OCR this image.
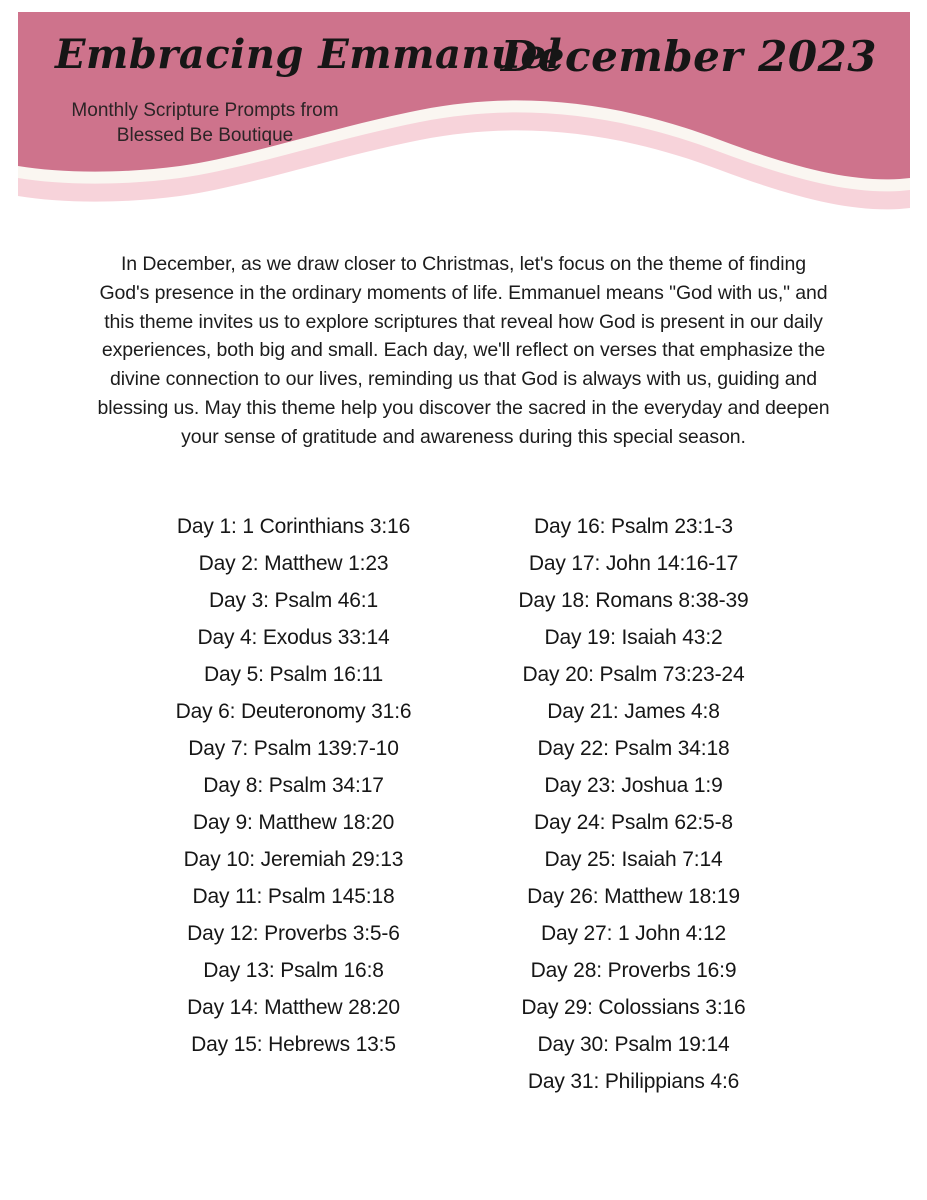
Embracing Emmanuel
December 2023
Monthly Scripture Prompts from
Blessed Be Boutique
In December, as we draw closer to Christmas, let's focus on the theme of finding God's presence in the ordinary moments of life. Emmanuel means "God with us," and this theme invites us to explore scriptures that reveal how God is present in our daily experiences, both big and small. Each day, we'll reflect on verses that emphasize the divine connection to our lives, reminding us that God is always with us, guiding and blessing us. May this theme help you discover the sacred in the everyday and deepen your sense of gratitude and awareness during this special season.
Day 1: 1 Corinthians 3:16
Day 2: Matthew 1:23
Day 3: Psalm 46:1
Day 4: Exodus 33:14
Day 5: Psalm 16:11
Day 6: Deuteronomy 31:6
Day 7: Psalm 139:7-10
Day 8: Psalm 34:17
Day 9: Matthew 18:20
Day 10: Jeremiah 29:13
Day 11: Psalm 145:18
Day 12: Proverbs 3:5-6
Day 13: Psalm 16:8
Day 14: Matthew 28:20
Day 15: Hebrews 13:5
Day 16: Psalm 23:1-3
Day 17: John 14:16-17
Day 18: Romans 8:38-39
Day 19: Isaiah 43:2
Day 20: Psalm 73:23-24
Day 21: James 4:8
Day 22: Psalm 34:18
Day 23: Joshua 1:9
Day 24: Psalm 62:5-8
Day 25: Isaiah 7:14
Day 26: Matthew 18:19
Day 27: 1 John 4:12
Day 28: Proverbs 16:9
Day 29: Colossians 3:16
Day 30: Psalm 19:14
Day 31: Philippians 4:6
